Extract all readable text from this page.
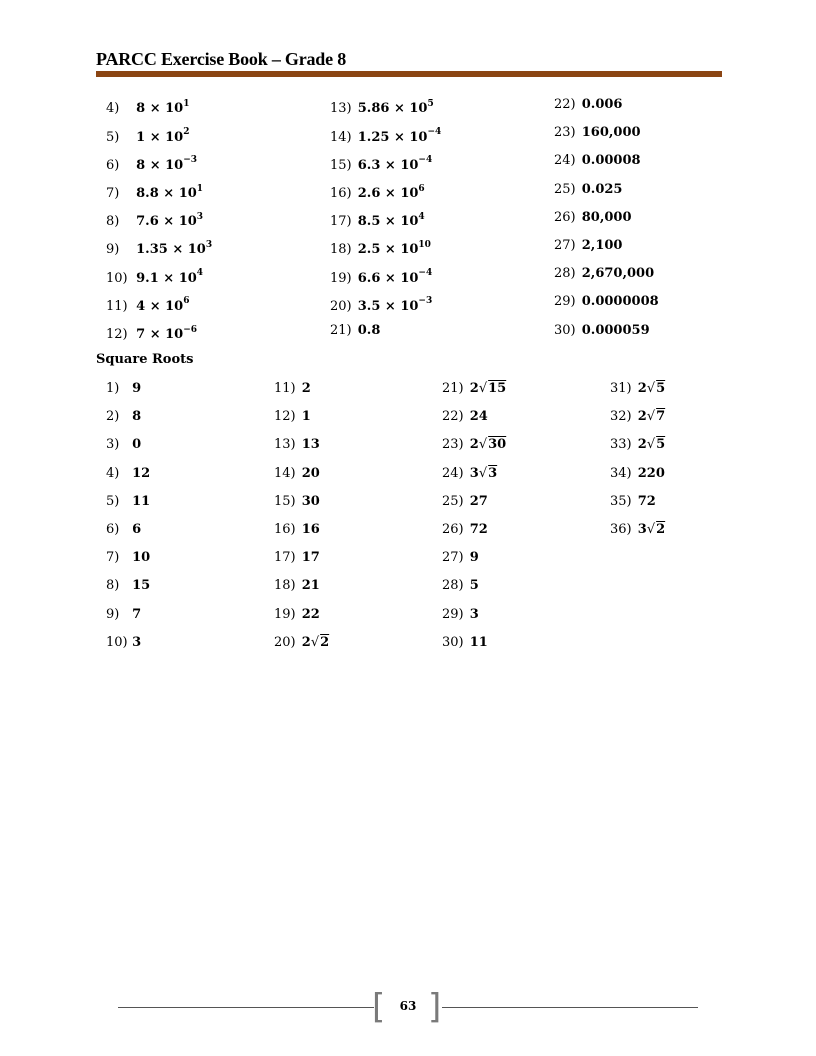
PARCC Exercise Book – Grade 8
4) $8 \times 10^1$
5) $1 \times 10^2$
6) $8 \times 10^{-3}$
7) $8.8 \times 10^1$
8) $7.6 \times 10^3$
9) $1.35 \times 10^3$
10) $9.1 \times 10^4$
11) $4 \times 10^6$
12) $7 \times 10^{-6}$
13) $5.86 \times 10^5$
14) $1.25 \times 10^{-4}$
15) $6.3 \times 10^{-4}$
16) $2.6 \times 10^6$
17) $8.5 \times 10^4$
18) $2.5 \times 10^{10}$
19) $6.6 \times 10^{-4}$
20) $3.5 \times 10^{-3}$
21) 0.8
22) 0.006
23) 160,000
24) 0.00008
25) 0.025
26) 80,000
27) 2,100
28) 2,670,000
29) 0.0000008
30) 0.000059
Square Roots
1) 9
2) 8
3) 0
4) 12
5) 11
6) 6
7) 10
8) 15
9) 7
10) 3
11) 2
12) 1
13) 13
14) 20
15) 30
16) 16
17) 17
18) 21
19) 22
20) 2√2
21) 2√15
22) 24
23) 2√30
24) 3√3
25) 27
26) 72
27) 9
28) 5
29) 3
30) 11
31) 2√5
32) 2√7
33) 2√5
34) 220
35) 72
36) 3√2
[	63 ]
